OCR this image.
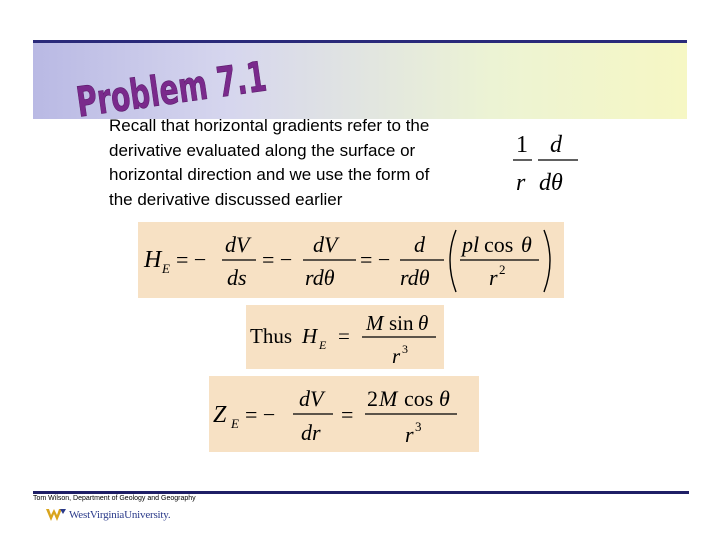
Problem 7.1
Recall that horizontal gradients refer to the
derivative evaluated along the surface or
horizontal direction and we use the form of
the derivative discussed earlier
1
r
d
dθ
H E = −
dV
ds
= −
dV
rdθ
= −
d
rdθ
pl cos θ
r 2
Thus H E =
M sin θ
r 3
Z E = −
dV
dr
=
2 M cos θ
r 3
Tom Wilson, Department of Geology and Geography
WestVirginiaUniversity.
